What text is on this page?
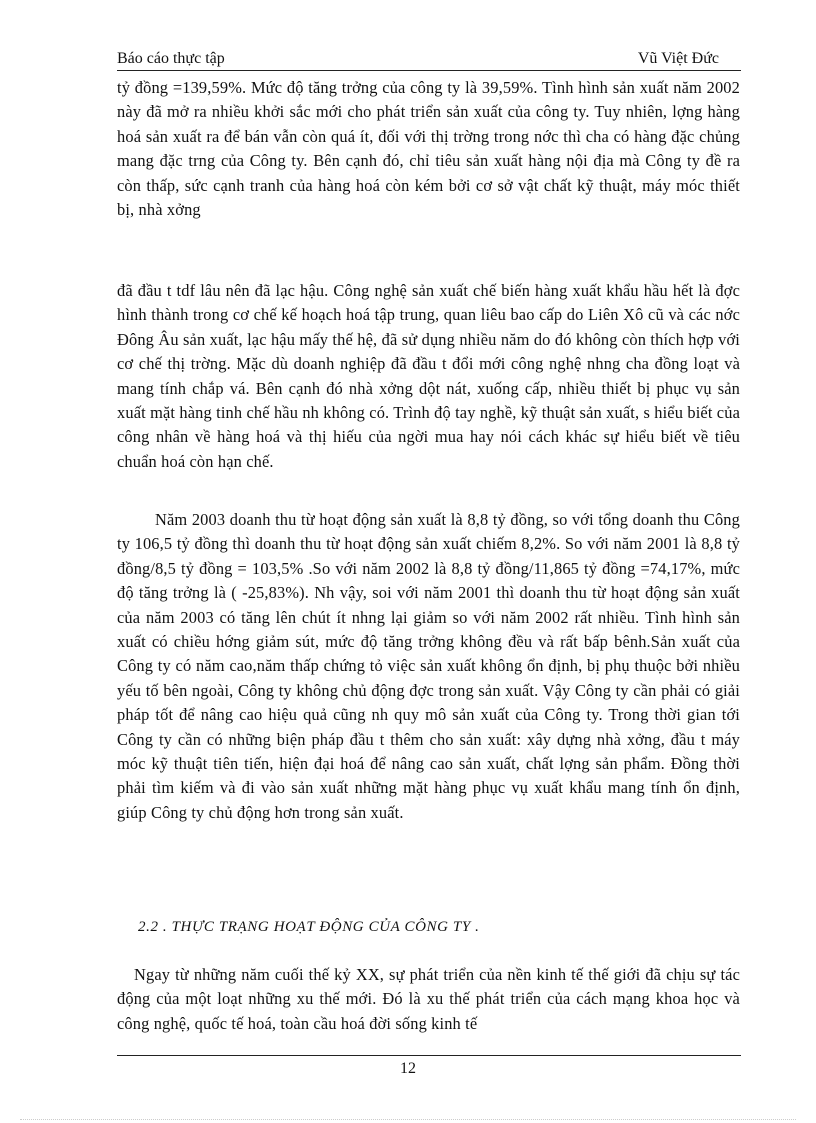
Báo cáo thực tập	Vũ Việt Đức

tỷ đồng =139,59%. Mức độ tăng trởng của công ty là 39,59%. Tình hình sản xuất năm 2002 này đã mở ra nhiều khởi sắc mới cho phát triển sản xuất của công ty. Tuy nhiên, lợng hàng hoá sản xuất ra để bán vẫn còn quá ít, đối với thị trờng trong nớc thì cha có hàng đặc chủng mang đặc trng của Công ty. Bên cạnh đó, chỉ tiêu sản xuất hàng nội địa mà Công ty đề ra còn thấp, sức cạnh tranh của hàng hoá còn kém bởi cơ sở vật chất kỹ thuật, máy móc thiết bị, nhà xởng

đã đầu t tdf lâu nên đã lạc hậu. Công nghệ sản xuất chế biến hàng xuất khẩu hầu hết là đợc hình thành trong cơ chế kế hoạch hoá tập trung, quan liêu bao cấp do Liên Xô cũ và các nớc Đông Âu sản xuất, lạc hậu mấy thế hệ, đã sử dụng nhiều năm do đó không còn thích hợp với cơ chế thị trờng. Mặc dù doanh nghiệp đã đầu t đổi mới công nghệ nhng cha đồng loạt và mang tính chắp vá. Bên cạnh đó nhà xởng dột nát, xuống cấp, nhiều thiết bị phục vụ sản xuất mặt hàng tinh chế hầu nh không có. Trình độ tay nghề, kỹ thuật sản xuất, s hiểu biết của công nhân về hàng hoá và thị hiếu của ngời mua hay nói cách khác sự hiểu biết về tiêu chuẩn hoá còn hạn chế.

Năm 2003 doanh thu từ hoạt động sản xuất là 8,8 tỷ đồng, so với tổng doanh thu Công ty 106,5 tỷ đồng thì doanh thu từ hoạt động sản xuất chiếm 8,2%. So với năm 2001 là 8,8 tỷ đồng/8,5 tỷ đồng = 103,5% .So với năm 2002 là 8,8 tỷ đồng/11,865 tỷ đồng =74,17%, mức độ tăng trởng là ( -25,83%). Nh vậy, soi với năm 2001 thì doanh thu từ hoạt động sản xuất của năm 2003 có tăng lên chút ít nhng lại giảm so với năm 2002 rất nhiều. Tình hình sản xuất có chiều hớng giảm sút, mức độ tăng trởng không đều và rất bấp bênh.Sản xuất của Công ty có năm cao,năm thấp chứng tỏ việc sản xuất không ổn định, bị phụ thuộc bởi nhiều yếu tố bên ngoài, Công ty không chủ động đợc trong sản xuất. Vậy Công ty cần phải có giải pháp tốt để nâng cao hiệu quả cũng nh quy mô sản xuất của Công ty. Trong thời gian tới Công ty cần có những biện pháp đầu t thêm cho sản xuất: xây dựng nhà xởng, đầu t máy móc kỹ thuật tiên tiến, hiện đại hoá để nâng cao sản xuất, chất lợng sản phẩm. Đồng thời phải tìm kiếm và đi vào sản xuất những mặt hàng phục vụ xuất khẩu mang tính ổn định, giúp Công ty chủ động hơn trong sản xuất.

2.2 . THỰC TRẠNG HOẠT ĐỘNG CỦA CÔNG TY .

Ngay từ những năm cuối thế kỷ XX, sự phát triển của nền kinh tế thế giới đã chịu sự tác động của một loạt những xu thế mới. Đó là xu thế phát triển của cách mạng khoa học và công nghệ, quốc tế hoá, toàn cầu hoá đời sống kinh tế

12
